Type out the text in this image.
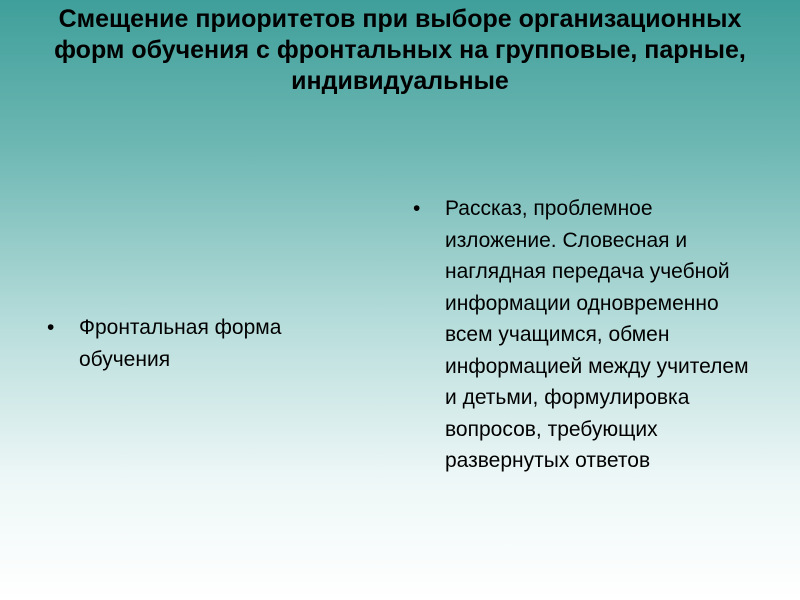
Смещение приоритетов при выборе организационных форм обучения с фронтальных на групповые, парные, индивидуальные
• Фронтальная форма обучения
• Рассказ, проблемное изложение. Словесная и наглядная передача учебной информации одновременно всем учащимся, обмен информацией между учителем и детьми, формулировка вопросов, требующих развернутых ответов
